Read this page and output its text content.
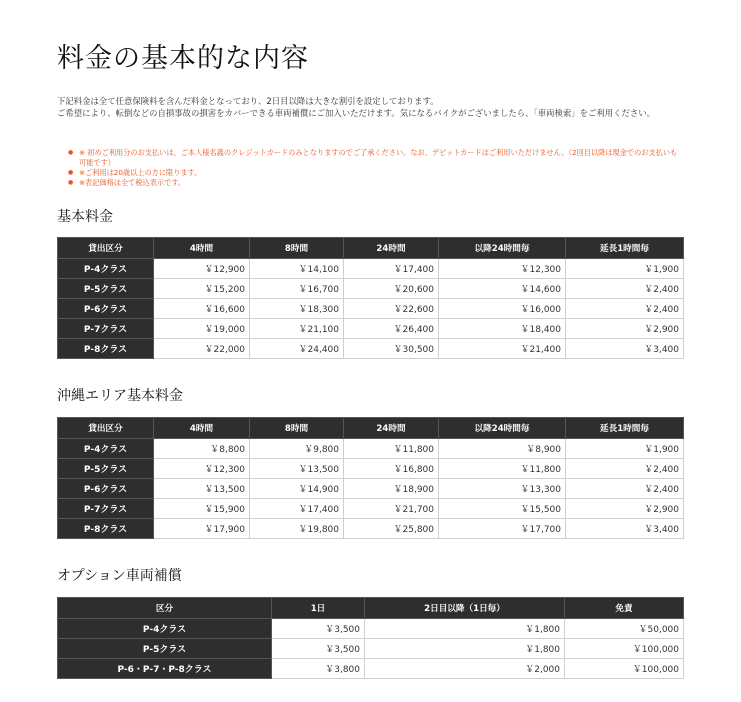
料金の基本的な内容

下記料金は全て任意保険料を含んだ料金となっており、2日目以降は大きな割引を設定しております。

ご希望により、転倒などの自損事故の損害をカバーできる車両補償にご加入いただけます。気になるバイクがございましたら、「車両検索」をご利用ください。

● ※ 初めご利用分のお支払いは、ご本人様名義のクレジットカードのみとなりますのでご了承ください。なお、デビットカードはご利用いただけません。（2回目以降は現金でのお支払いも可能です）
● ※ご利用は20歳以上の方に限ります。
● ※表記価格は全て税込表示です。
基本料金
貸出区分	4時間	8時間	24時間	以降24時間毎	延長1時間毎
P-4クラス	￥12,900	￥14,100	￥17,400	￥12,300	￥1,900
P-5クラス	￥15,200	￥16,700	￥20,600	￥14,600	￥2,400
P-6クラス	￥16,600	￥18,300	￥22,600	￥16,000	￥2,400
P-7クラス	￥19,000	￥21,100	￥26,400	￥18,400	￥2,900
P-8クラス	￥22,000	￥24,400	￥30,500	￥21,400	￥3,400
沖縄エリア基本料金
貸出区分	4時間	8時間	24時間	以降24時間毎	延長1時間毎
P-4クラス	￥8,800	￥9,800	￥11,800	￥8,900	￥1,900
P-5クラス	￥12,300	￥13,500	￥16,800	￥11,800	￥2,400
P-6クラス	￥13,500	￥14,900	￥18,900	￥13,300	￥2,400
P-7クラス	￥15,900	￥17,400	￥21,700	￥15,500	￥2,900
P-8クラス	￥17,900	￥19,800	￥25,800	￥17,700	￥3,400
オプション車両補償
区分	1日	2日目以降（1日毎）	免責
P-4クラス	￥3,500	￥1,800	￥50,000
P-5クラス	￥3,500	￥1,800	￥100,000
P-6・P-7・P-8クラス	￥3,800	￥2,000	￥100,000
